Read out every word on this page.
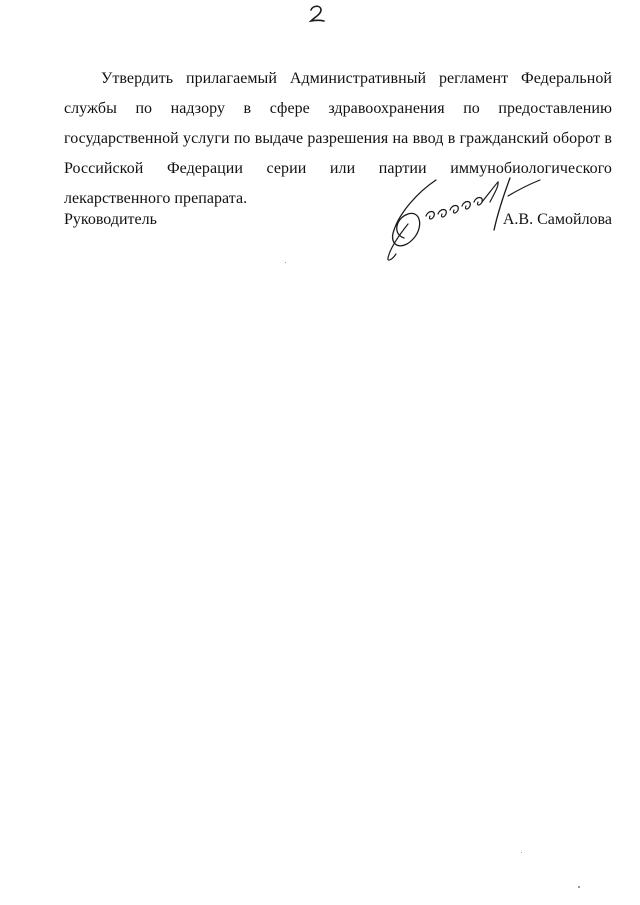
Утвердить прилагаемый Административный регламент Федеральной службы по надзору в сфере здравоохранения по предоставлению государственной услуги по выдаче разрешения на ввод в гражданский оборот в Российской Федерации серии или партии иммунобиологического лекарственного препарата.

Руководитель	А.В. Самойлова
